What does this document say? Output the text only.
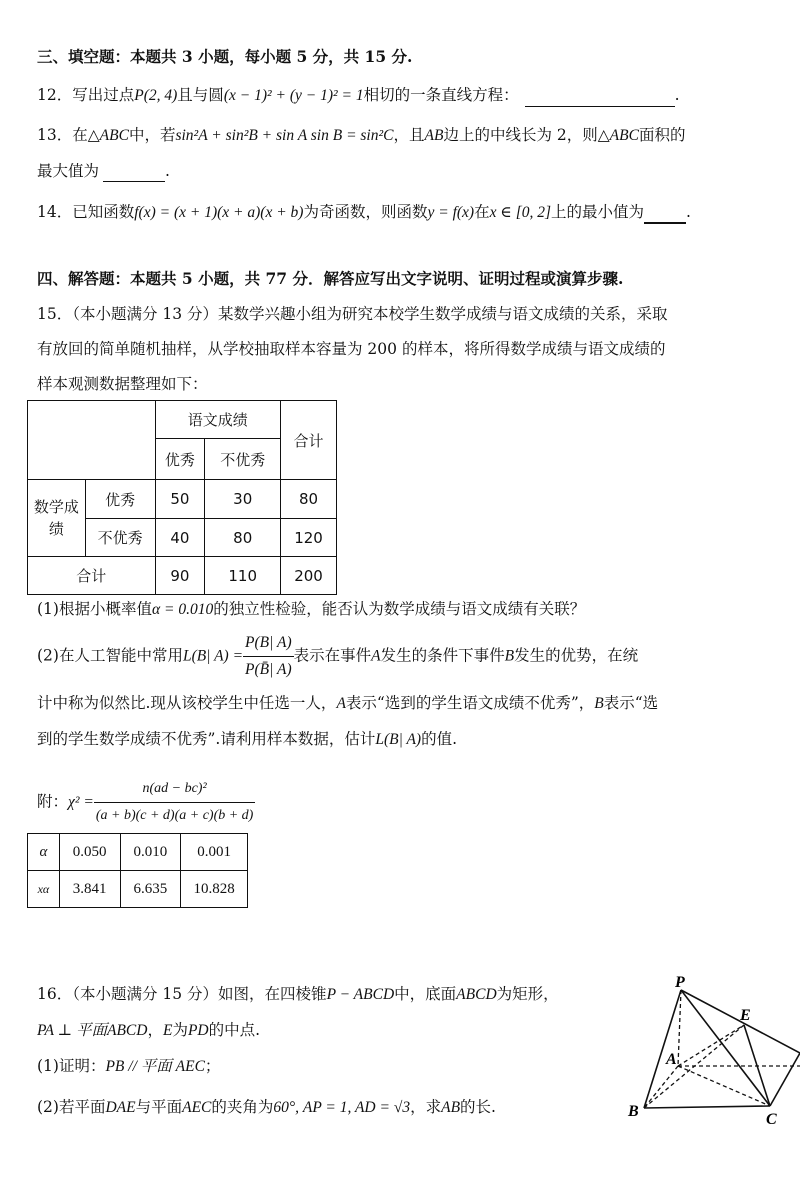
三、填空题：本题共 3 小题，每小题 5 分，共 15 分.
12．写出过点P(2, 4)且与圆(x − 1)² + (y − 1)² = 1相切的一条直线方程：	.
13．在△ABC中，若sin²A + sin²B + sin A sin B = sin²C，且AB边上的中线长为 2，则△ABC面积的
最大值为	.
14．已知函数f(x) = (x + 1)(x + a)(x + b)为奇函数，则函数y = f(x)在x ∈ [0, 2]上的最小值为	.
四、解答题：本题共 5 小题，共 77 分．解答应写出文字说明、证明过程或演算步骤.
15．（本小题满分 13 分）某数学兴趣小组为研究本校学生数学成绩与语文成绩的关系，采取
有放回的简单随机抽样，从学校抽取样本容量为 200 的样本，将所得数学成绩与语文成绩的
样本观测数据整理如下：
		语文成绩		合计
		优秀	不优秀	
数学成绩	优秀	50	30	80
	不优秀	40	80	120
合计		90	110	200
(1)根据小概率值α = 0.010的独立性检验，能否认为数学成绩与语文成绩有关联？
(2)在人工智能中常用L(B| $A) = \frac{P(B| A)}{P(B̄| A)}$ 表示在事件A发生的条件下事件B发生的优势，在统
计中称为似然比.现从该校学生中任选一人，A表示“选到的学生语文成绩不优秀”，B表示“选
到的学生数学成绩不优秀”.请利用样本数据，估计L(B| A)的值.
附：$\chi^2 = \frac{\text{n(ad − bc)²}}{(a + b)(c + d)(a + c)(b + d)}$
α	0.050	0.010	0.001
xα	3.841	6.635	10.828
16．（本小题满分 15 分）如图，在四棱锥P − ABCD中，底面ABCD为矩形，
PA ⊥ 平面ABCD，E为PD的中点.
(1)证明：PB // 平面 AEC；
(2)若平面DAE与平面AEC的夹角为60°, AP = 1, AD = √3，求AB的长.
P
E
A
B	C
